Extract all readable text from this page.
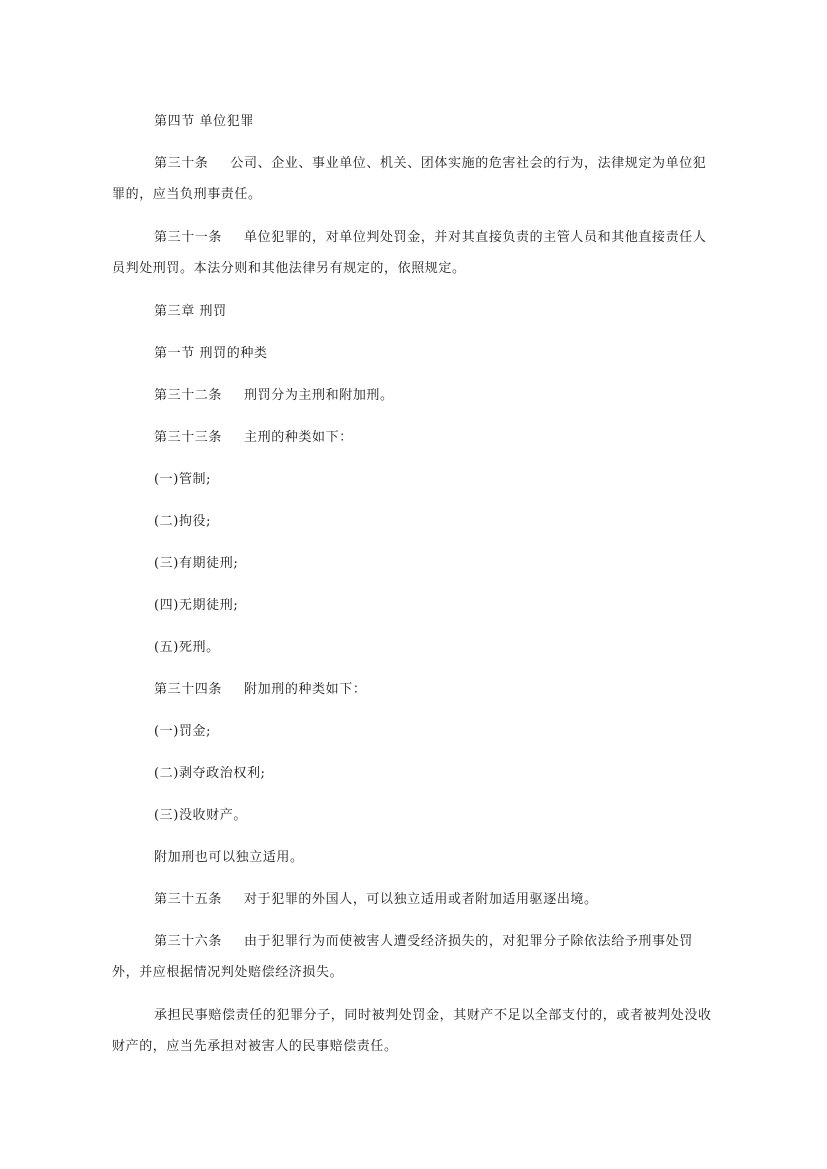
第四节 单位犯罪

第三十条 公司、企业、事业单位、机关、团体实施的危害社会的行为，法律规定为单位犯罪的，应当负刑事责任。

第三十一条 单位犯罪的，对单位判处罚金，并对其直接负责的主管人员和其他直接责任人员判处刑罚。本法分则和其他法律另有规定的，依照规定。

第三章 刑罚

第一节 刑罚的种类

第三十二条 刑罚分为主刑和附加刑。

第三十三条 主刑的种类如下：

(一)管制;

(二)拘役;

(三)有期徒刑;

(四)无期徒刑;

(五)死刑。

第三十四条 附加刑的种类如下：

(一)罚金;

(二)剥夺政治权利;

(三)没收财产。

附加刑也可以独立适用。

第三十五条 对于犯罪的外国人，可以独立适用或者附加适用驱逐出境。

第三十六条 由于犯罪行为而使被害人遭受经济损失的，对犯罪分子除依法给予刑事处罚外，并应根据情况判处赔偿经济损失。

承担民事赔偿责任的犯罪分子，同时被判处罚金，其财产不足以全部支付的，或者被判处没收财产的，应当先承担对被害人的民事赔偿责任。
